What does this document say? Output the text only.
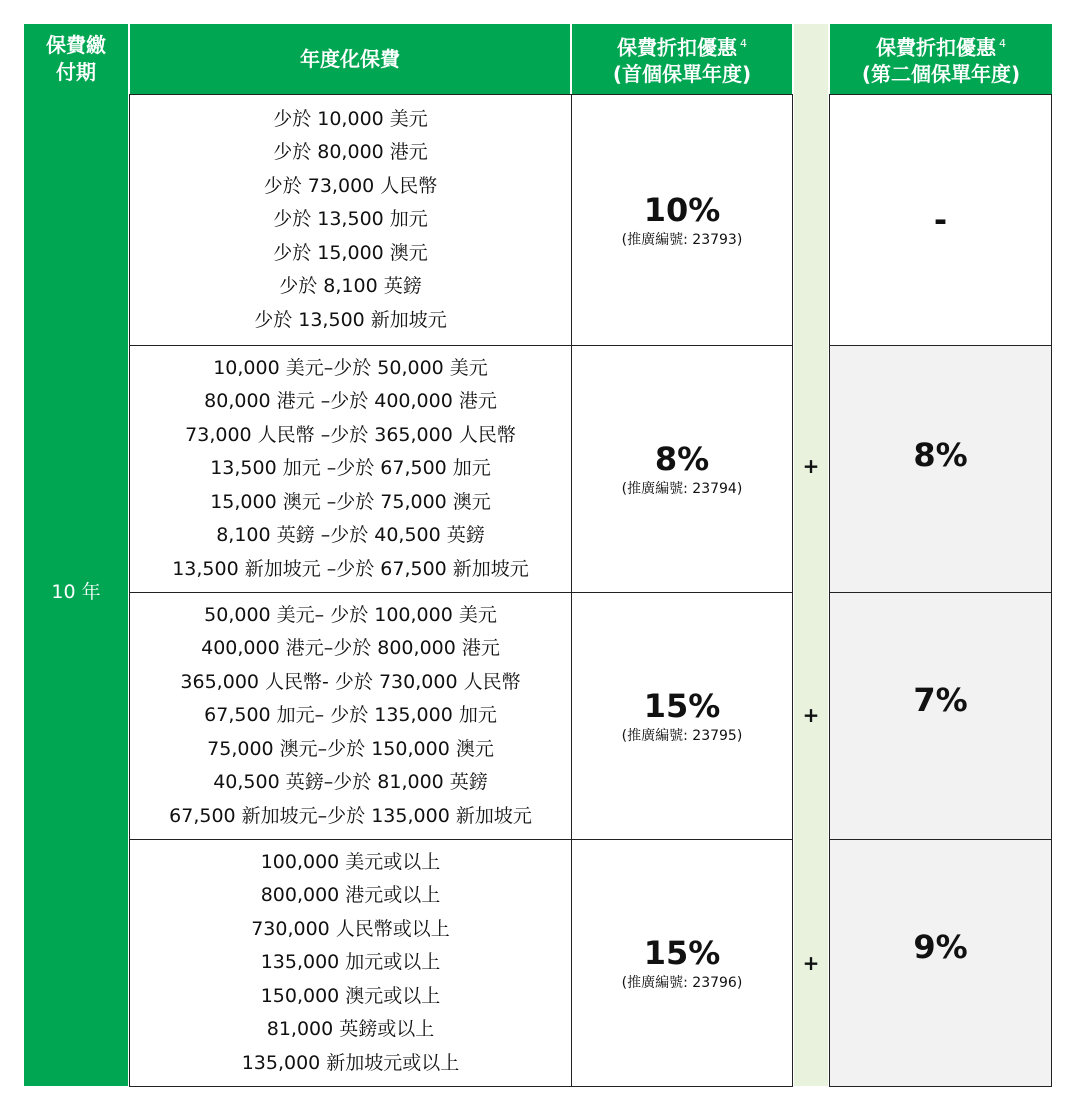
保費繳
付期
年度化保費	保費折扣優惠 $^4$
(首個保單年度)
保費折扣優惠 $^4$
(第二個保單年度)
10 年
+
+
+
少於 10,000 美元
少於 80,000 港元
少於 73,000 人民幣
少於 13,500 加元
少於 15,000 澳元
少於 8,100 英鎊
少於 13,500 新加坡元
10%
(推廣編號: 23793)
-
10,000 美元–少於 50,000 美元
80,000 港元 –少於 400,000 港元
73,000 人民幣 –少於 365,000 人民幣
13,500 加元 –少於 67,500 加元
15,000 澳元 –少於 75,000 澳元
8,100 英鎊 –少於 40,500 英鎊
13,500 新加坡元 –少於 67,500 新加坡元
8%
(推廣編號: 23794)
8%
50,000 美元– 少於 100,000 美元
400,000 港元–少於 800,000 港元
365,000 人民幣- 少於 730,000 人民幣
67,500 加元– 少於 135,000 加元
75,000 澳元–少於 150,000 澳元
40,500 英鎊–少於 81,000 英鎊
67,500 新加坡元–少於 135,000 新加坡元
15%
(推廣編號: 23795)
7%
100,000 美元或以上
800,000 港元或以上
730,000 人民幣或以上
135,000 加元或以上
150,000 澳元或以上
81,000 英鎊或以上
135,000 新加坡元或以上
15%
(推廣編號: 23796)
9%
